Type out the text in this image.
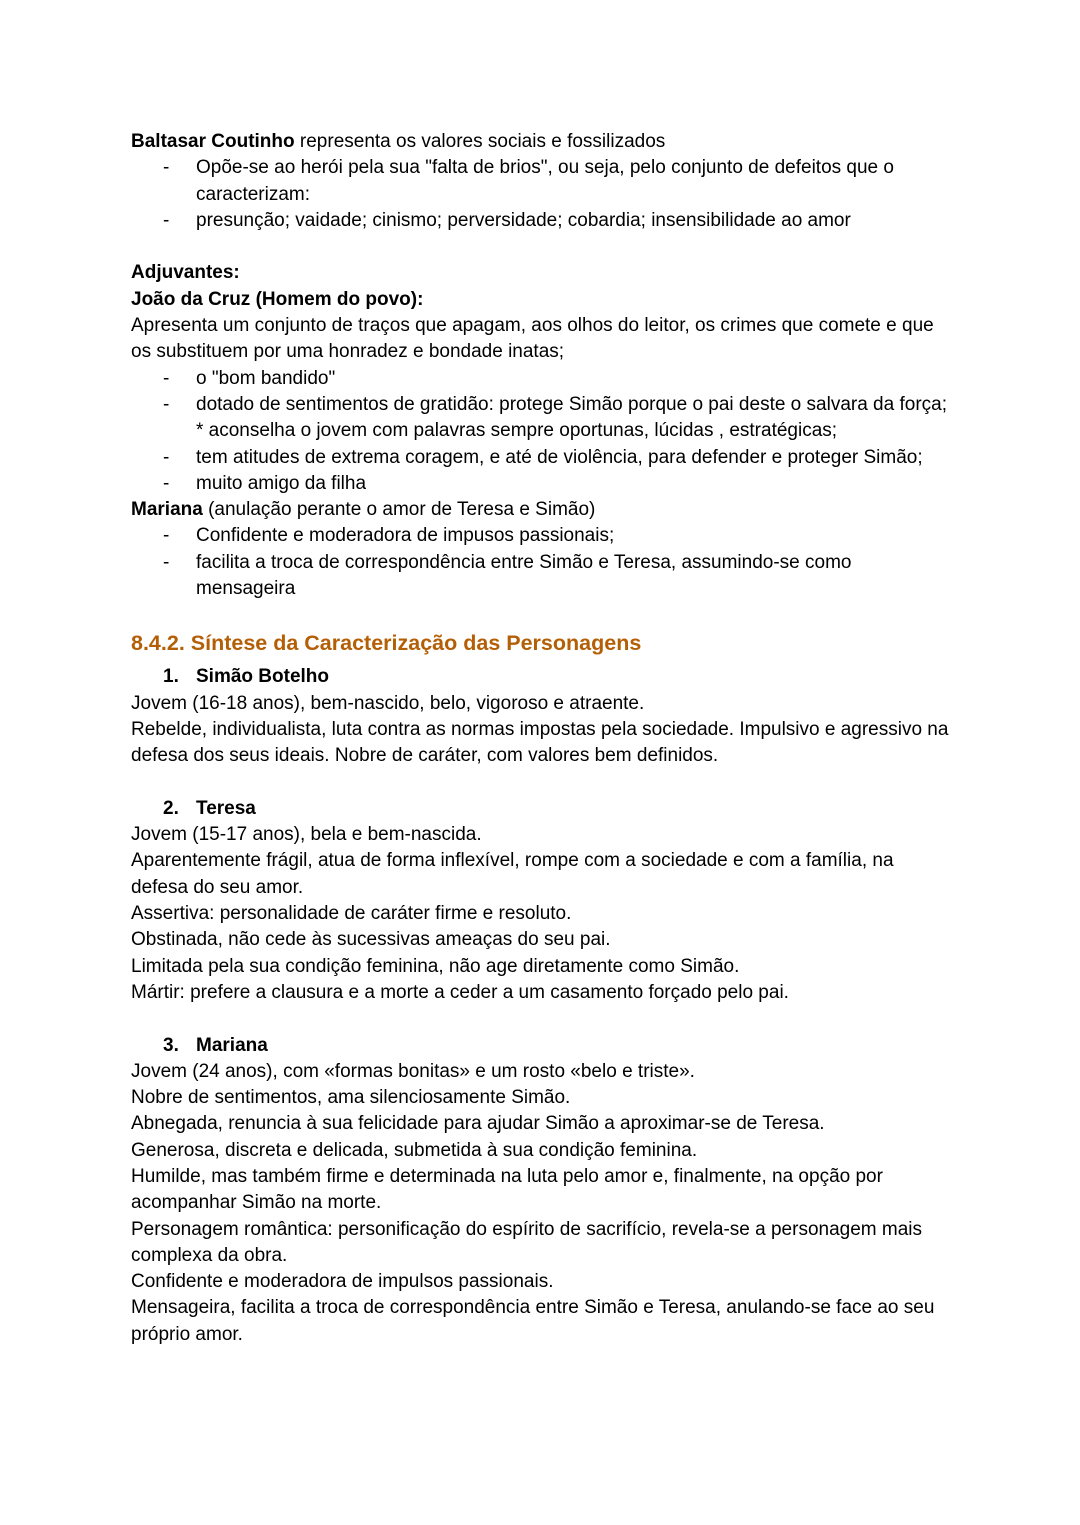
Baltasar Coutinho representa os valores sociais e fossilizados

- Opõe-se ao herói pela sua "falta de brios", ou seja, pelo conjunto de defeitos que o caracterizam:
- presunção; vaidade; cinismo; perversidade; cobardia; insensibilidade ao amor

Adjuvantes:

João da Cruz (Homem do povo):

Apresenta um conjunto de traços que apagam, aos olhos do leitor, os crimes que comete e que os substituem por uma honradez e bondade inatas;

- o "bom bandido"
- dotado de sentimentos de gratidão: protege Simão porque o pai deste o salvara da força; * aconselha o jovem com palavras sempre oportunas, lúcidas , estratégicas;
- tem atitudes de extrema coragem, e até de violência, para defender e proteger Simão;
- muito amigo da filha

Mariana (anulação perante o amor de Teresa e Simão)

- Confidente e moderadora de impusos passionais;
- facilita a troca de correspondência entre Simão e Teresa, assumindo-se como mensageira
8.4.2. Síntese da Caracterização das Personagens
1. Simão Botelho

Jovem (16-18 anos), bem-nascido, belo, vigoroso e atraente.

Rebelde, individualista, luta contra as normas impostas pela sociedade. Impulsivo e agressivo na defesa dos seus ideais. Nobre de caráter, com valores bem definidos.

2. Teresa

Jovem (15-17 anos), bela e bem-nascida.

Aparentemente frágil, atua de forma inflexível, rompe com a sociedade e com a família, na defesa do seu amor.

Assertiva: personalidade de caráter firme e resoluto.

Obstinada, não cede às sucessivas ameaças do seu pai.

Limitada pela sua condição feminina, não age diretamente como Simão.

Mártir: prefere a clausura e a morte a ceder a um casamento forçado pelo pai.

3. Mariana

Jovem (24 anos), com «formas bonitas» e um rosto «belo e triste».

Nobre de sentimentos, ama silenciosamente Simão.

Abnegada, renuncia à sua felicidade para ajudar Simão a aproximar-se de Teresa.

Generosa, discreta e delicada, submetida à sua condição feminina.

Humilde, mas também firme e determinada na luta pelo amor e, finalmente, na opção por acompanhar Simão na morte.

Personagem romântica: personificação do espírito de sacrifício, revela-se a personagem mais complexa da obra.

Confidente e moderadora de impulsos passionais.

Mensageira, facilita a troca de correspondência entre Simão e Teresa, anulando-se face ao seu próprio amor.
